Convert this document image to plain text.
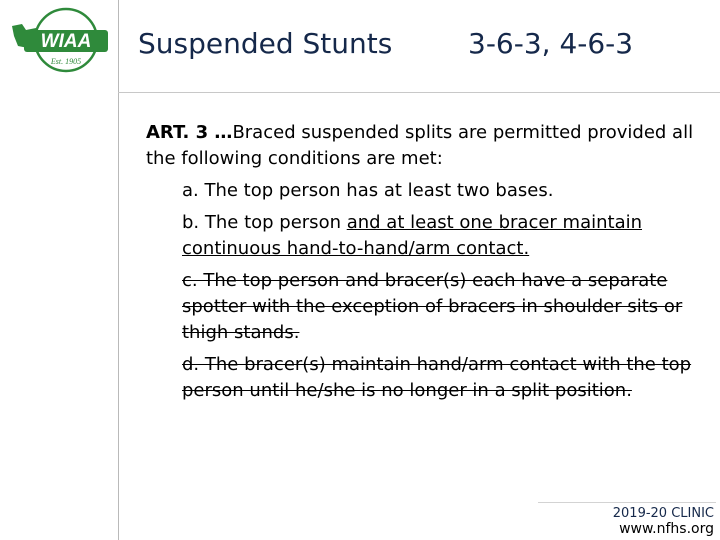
WIAA
Est. 1905
Suspended Stunts	3-6-3, 4-6-3
ART. 3 …Braced suspended splits are permitted provided all the following conditions are met:
a. The top person has at least two bases.
b. The top person and at least one bracer maintain continuous hand-to-hand/arm contact.
c. The top person and bracer(s) each have a separate spotter with the exception of bracers in shoulder sits or thigh stands.
d. The bracer(s) maintain hand/arm contact with the top person until he/she is no longer in a split position.
2019-20 CLINIC
www.nfhs.org
